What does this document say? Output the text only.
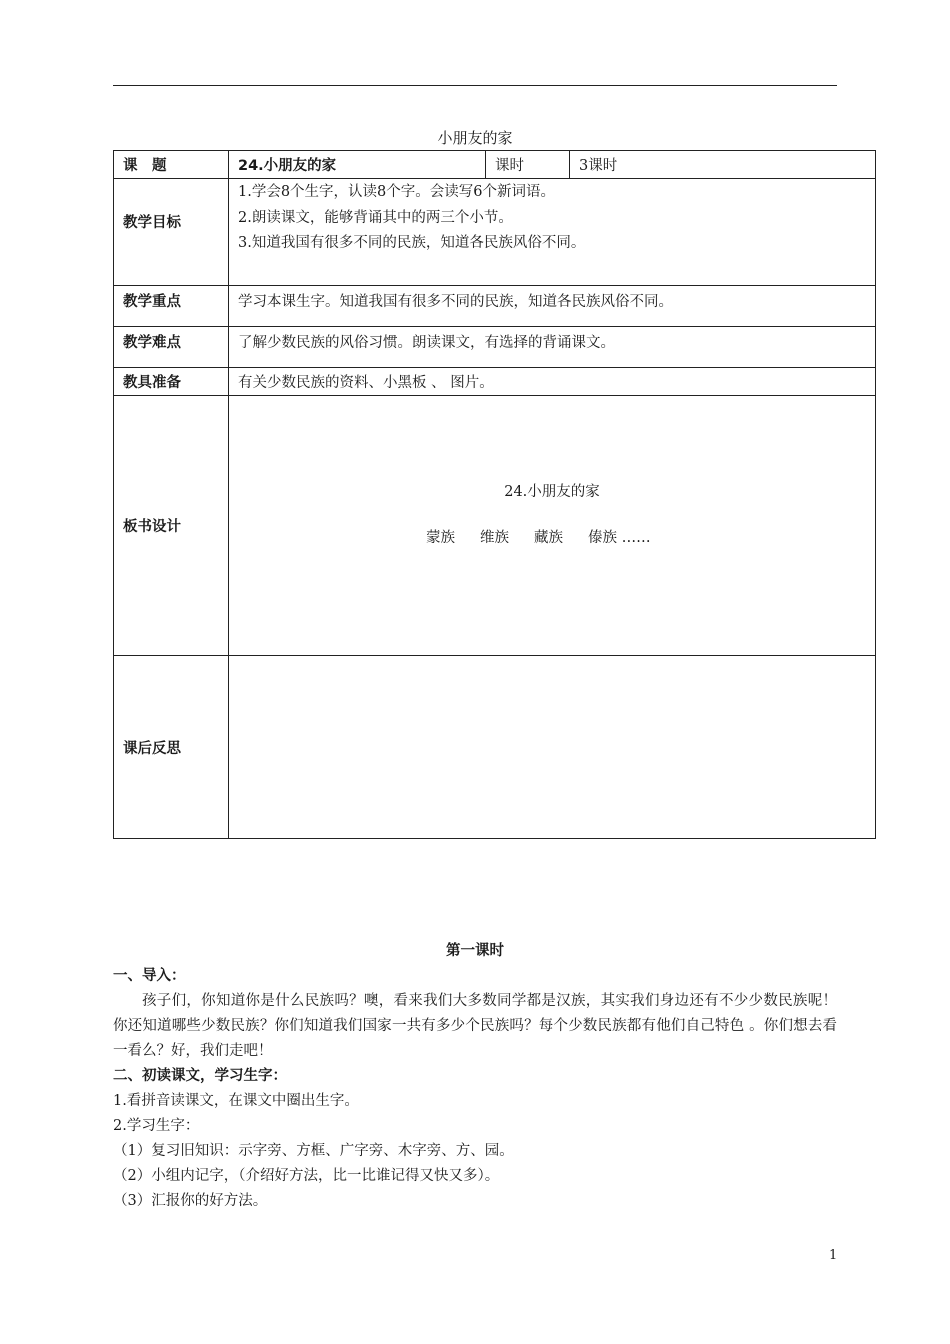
小朋友的家
课　题	24.小朋友的家	课时	3课时
教学目标	1.学会8个生字，认读8个字。会读写6个新词语。
2.朗读课文，能够背诵其中的两三个小节。
3.知道我国有很多不同的民族，知道各民族风俗不同。		

教学重点	学习本课生字。知道我国有很多不同的民族，知道各民族风俗不同。		
教学难点	了解少数民族的风俗习惯。朗读课文，有选择的背诵课文。		
教具准备	有关少数民族的资料、小黑板 、 图片。		
板书设计	24.小朋友的家
蒙族 维族 藏族 傣族 ……		

课后反思			
第一课时
一、导入：
孩子们，你知道你是什么民族吗？噢，看来我们大多数同学都是汉族，其实我们身边还有不少少数民族呢！你还知道哪些少数民族？你们知道我们国家一共有多少个民族吗？每个少数民族都有他们自己特色 。你们想去看一看么？好，我们走吧！
二、初读课文，学习生字：
1.看拼音读课文，在课文中圈出生字。
2.学习生字：
（1）复习旧知识：示字旁、方框、广字旁、木字旁、方、园。
（2）小组内记字，（介绍好方法，比一比谁记得又快又多）。
（3）汇报你的好方法。
1
